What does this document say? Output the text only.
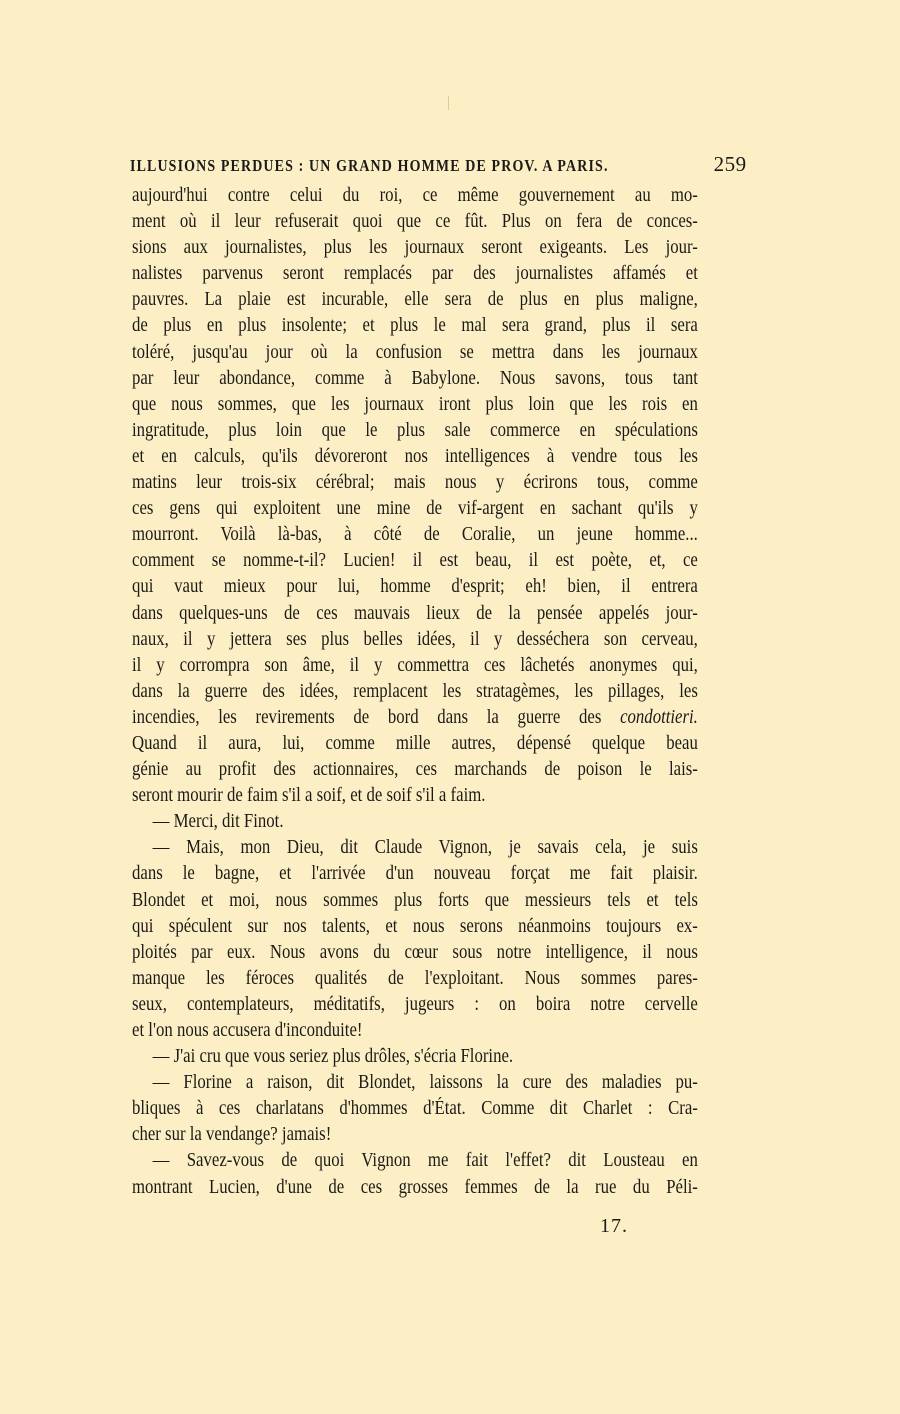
ILLUSIONS PERDUES : UN GRAND HOMME DE PROV. A PARIS.	259
aujourd'hui contre celui du roi, ce même gouvernement au mo-
ment où il leur refuserait quoi que ce fût. Plus on fera de conces-
sions aux journalistes, plus les journaux seront exigeants. Les jour-
nalistes parvenus seront remplacés par des journalistes affamés et
pauvres. La plaie est incurable, elle sera de plus en plus maligne,
de plus en plus insolente; et plus le mal sera grand, plus il sera
toléré, jusqu'au jour où la confusion se mettra dans les journaux
par leur abondance, comme à Babylone. Nous savons, tous tant
que nous sommes, que les journaux iront plus loin que les rois en
ingratitude, plus loin que le plus sale commerce en spéculations
et en calculs, qu'ils dévoreront nos intelligences à vendre tous les
matins leur trois-six cérébral; mais nous y écrirons tous, comme
ces gens qui exploitent une mine de vif-argent en sachant qu'ils y
mourront. Voilà là-bas, à côté de Coralie, un jeune homme...
comment se nomme-t-il? Lucien! il est beau, il est poète, et, ce
qui vaut mieux pour lui, homme d'esprit; eh! bien, il entrera
dans quelques-uns de ces mauvais lieux de la pensée appelés jour-
naux, il y jettera ses plus belles idées, il y desséchera son cerveau,
il y corrompra son âme, il y commettra ces lâchetés anonymes qui,
dans la guerre des idées, remplacent les stratagèmes, les pillages, les
incendies, les revirements de bord dans la guerre des condottieri.
Quand il aura, lui, comme mille autres, dépensé quelque beau
génie au profit des actionnaires, ces marchands de poison le lais-
seront mourir de faim s'il a soif, et de soif s'il a faim.
— Merci, dit Finot.
— Mais, mon Dieu, dit Claude Vignon, je savais cela, je suis
dans le bagne, et l'arrivée d'un nouveau forçat me fait plaisir.
Blondet et moi, nous sommes plus forts que messieurs tels et tels
qui spéculent sur nos talents, et nous serons néanmoins toujours ex-
ploités par eux. Nous avons du cœur sous notre intelligence, il nous
manque les féroces qualités de l'exploitant. Nous sommes pares-
seux, contemplateurs, méditatifs, jugeurs : on boira notre cervelle
et l'on nous accusera d'inconduite!
— J'ai cru que vous seriez plus drôles, s'écria Florine.
— Florine a raison, dit Blondet, laissons la cure des maladies pu-
bliques à ces charlatans d'hommes d'État. Comme dit Charlet : Cra-
cher sur la vendange? jamais!
— Savez-vous de quoi Vignon me fait l'effet? dit Lousteau en
montrant Lucien, d'une de ces grosses femmes de la rue du Péli-
17.
